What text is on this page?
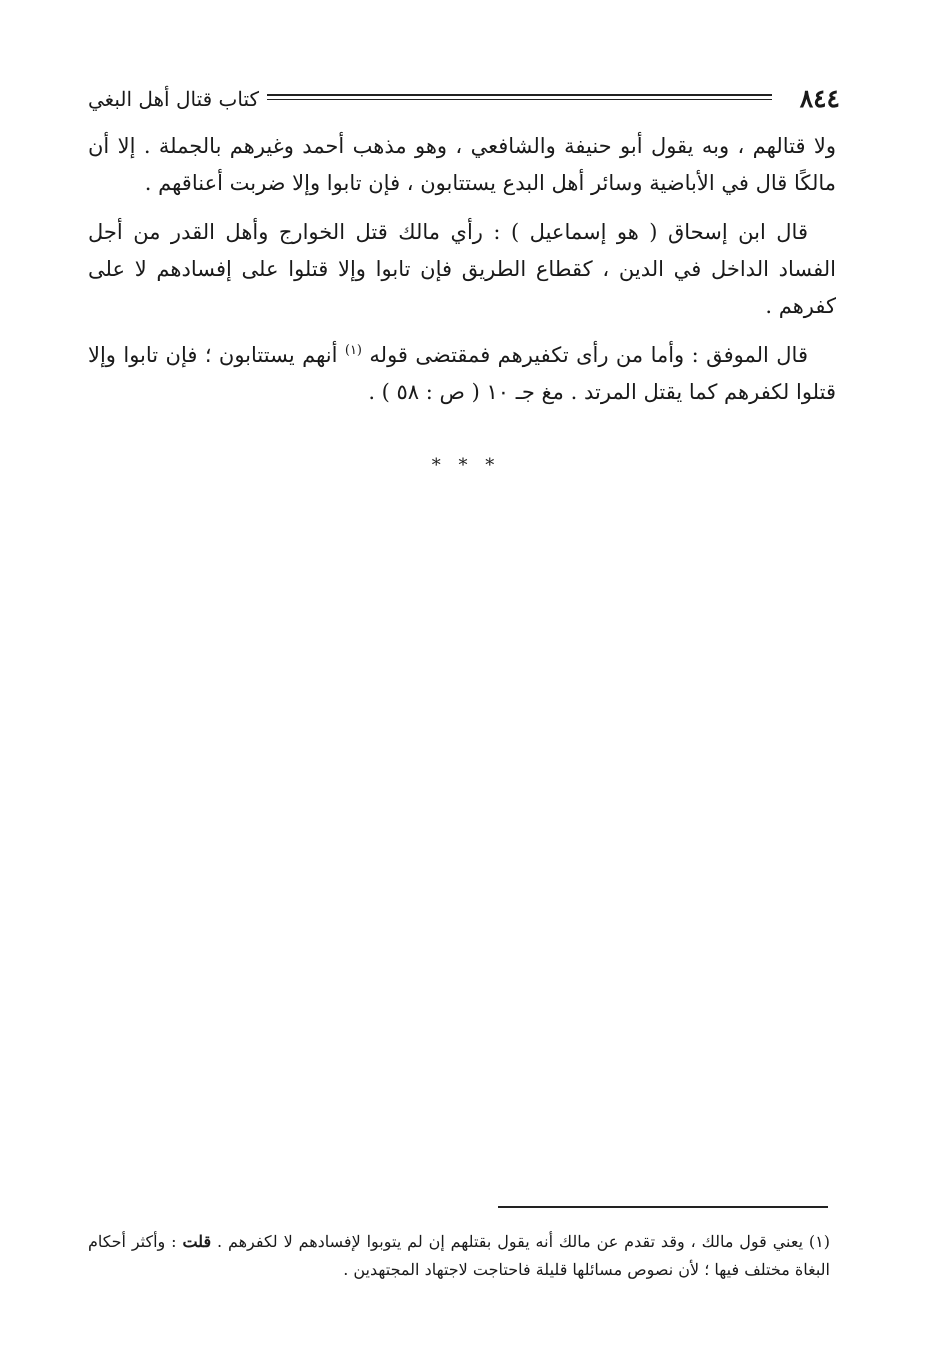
٨٤٤
كتاب قتال أهل البغي

ولا قتالهم ، وبه يقول أبو حنيفة والشافعي ، وهو مذهب أحمد وغيرهم بالجملة . إلا أن مالكًا قال في الأباضية وسائر أهل البدع يستتابون ، فإن تابوا وإلا ضربت أعناقهم .

قال ابن إسحاق ( هو إسماعيل ) : رأي مالك قتل الخوارج وأهل القدر من أجل الفساد الداخل في الدين ، كقطاع الطريق فإن تابوا وإلا قتلوا على إفسادهم لا على كفرهم .

قال الموفق : وأما من رأى تكفيرهم فمقتضى قوله $^{(١)}$ أنهم يستتابون ؛ فإن تابوا وإلا قتلوا لكفرهم كما يقتل المرتد . مغ جـ ١٠ ( ص : ٥٨ ) .

* * *

(١) يعني قول مالك ، وقد تقدم عن مالك أنه يقول بقتلهم إن لم يتوبوا لإفسادهم لا لكفرهم . قلت : وأكثر أحكام البغاة مختلف فيها ؛ لأن نصوص مسائلها قليلة فاحتاجت لاجتهاد المجتهدين .
